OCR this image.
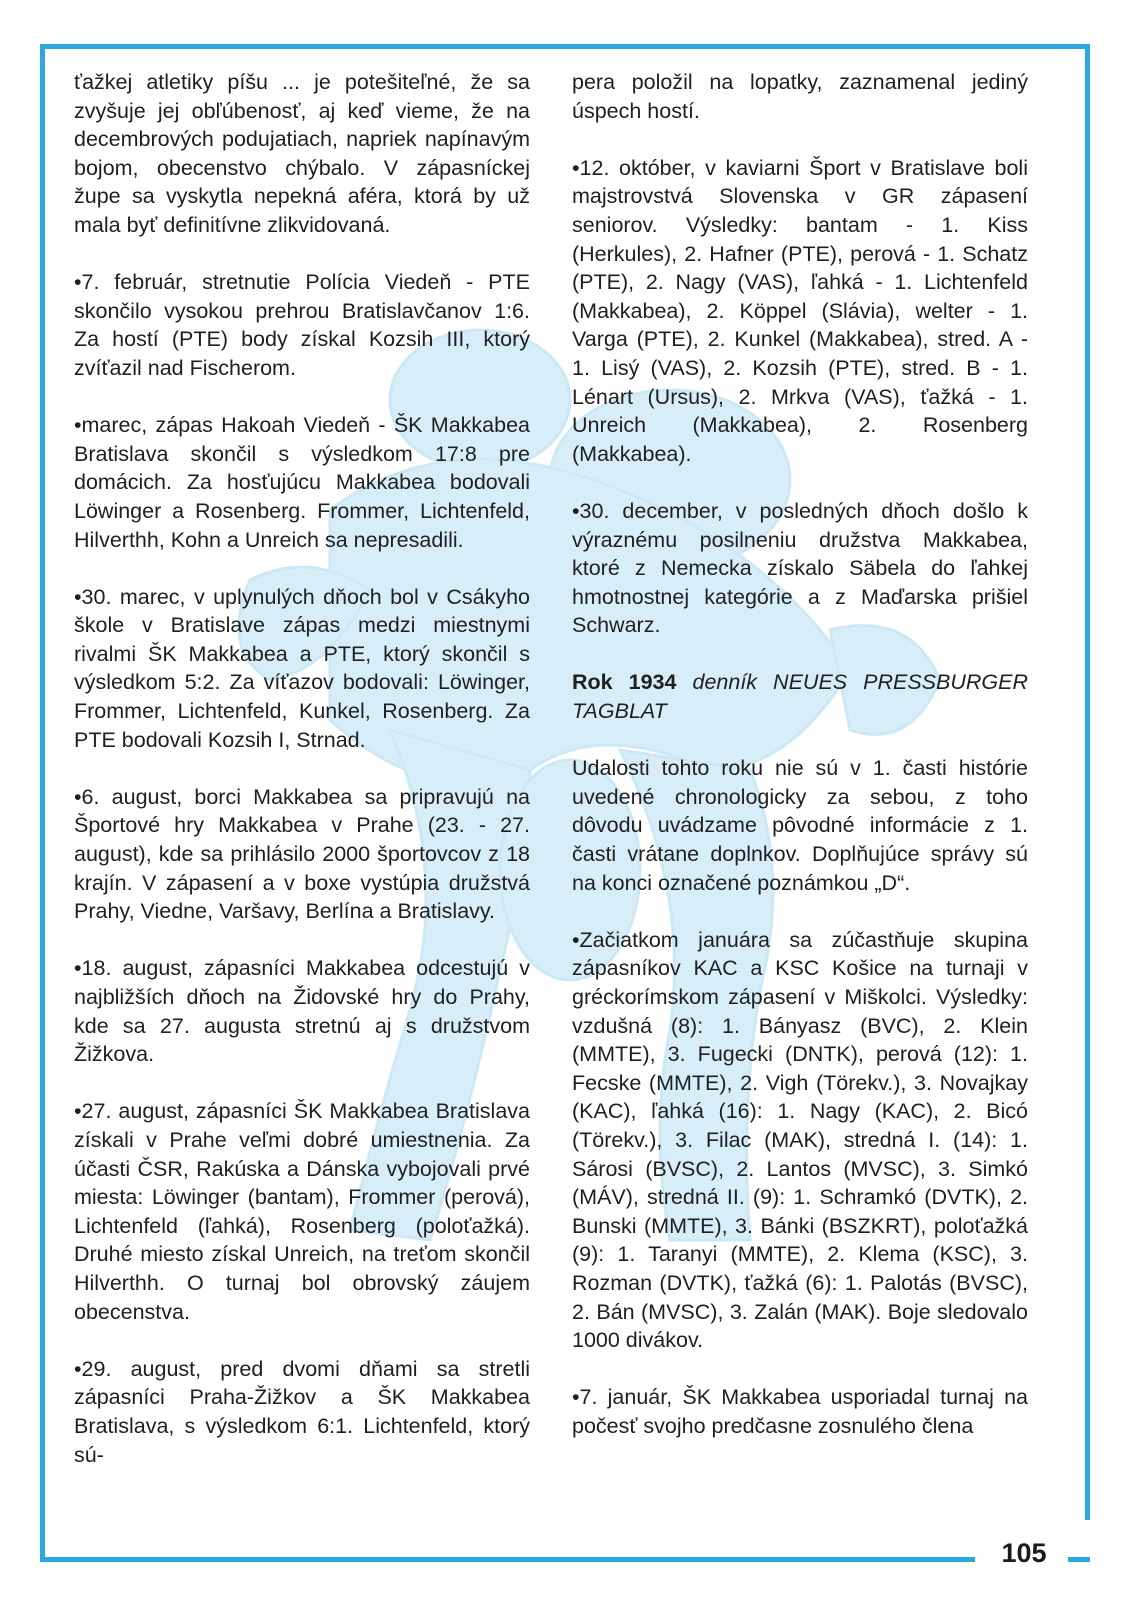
ťažkej atletiky píšu ... je potešiteľné, že sa zvyšuje jej obľúbenosť, aj keď vieme, že na decembrových podujatiach, napriek napínavým bojom, obecenstvo chýbalo. V zápasníckej župe sa vyskytla nepekná aféra, ktorá by už mala byť definitívne zlikvidovaná.

•7. február, stretnutie Polícia Viedeň - PTE skončilo vysokou prehrou Bratislavčanov 1:6. Za hostí (PTE) body získal Kozsih III, ktorý zvíťazil nad Fischerom.

•marec, zápas Hakoah Viedeň - ŠK Makkabea Bratislava skončil s výsledkom 17:8 pre domácich. Za hosťujúcu Makkabea bodovali Löwinger a Rosenberg. Frommer, Lichtenfeld, Hilverthh, Kohn a Unreich sa nepresadili.

•30. marec, v uplynulých dňoch bol v Csákyho škole v Bratislave zápas medzi miestnymi rivalmi ŠK Makkabea a PTE, ktorý skončil s výsledkom 5:2. Za víťazov bodovali: Löwinger, Frommer, Lichtenfeld, Kunkel, Rosenberg. Za PTE bodovali Kozsih I, Strnad.

•6. august, borci Makkabea sa pripravujú na Športové hry Makkabea v Prahe (23. - 27. august), kde sa prihlásilo 2000 športovcov z 18 krajín. V zápasení a v boxe vystúpia družstvá Prahy, Viedne, Varšavy, Berlína a Bratislavy.

•18. august, zápasníci Makkabea odcestujú v najbližších dňoch na Židovské hry do Prahy, kde sa 27. augusta stretnú aj s družstvom Žižkova.

•27. august, zápasníci ŠK Makkabea Bratislava získali v Prahe veľmi dobré umiestnenia. Za účasti ČSR, Rakúska a Dánska vybojovali prvé miesta: Löwinger (bantam), Frommer (perová), Lichtenfeld (ľahká), Rosenberg (poloťažká). Druhé miesto získal Unreich, na treťom skončil Hilverthh. O turnaj bol obrovský záujem obecenstva.

•29. august, pred dvomi dňami sa stretli zápasníci Praha-Žižkov a ŠK Makkabea Bratislava, s výsledkom 6:1. Lichtenfeld, ktorý sú-

pera položil na lopatky, zaznamenal jediný úspech hostí.

•12. október, v kaviarni Šport v Bratislave boli majstrovstvá Slovenska v GR zápasení seniorov. Výsledky: bantam - 1. Kiss (Herkules), 2. Hafner (PTE), perová - 1. Schatz (PTE), 2. Nagy (VAS), ľahká - 1. Lichtenfeld (Makkabea), 2. Köppel (Slávia), welter - 1. Varga (PTE), 2. Kunkel (Makkabea), stred. A - 1. Lisý (VAS), 2. Kozsih (PTE), stred. B - 1. Lénart (Ursus), 2. Mrkva (VAS), ťažká - 1. Unreich (Makkabea), 2. Rosenberg (Makkabea).

•30. december, v posledných dňoch došlo k výraznému posilneniu družstva Makkabea, ktoré z Nemecka získalo Säbela do ľahkej hmotnostnej kategórie a z Maďarska prišiel Schwarz.

Rok 1934 denník NEUES PRESSBURGER TAGBLAT

Udalosti tohto roku nie sú v 1. časti histórie uvedené chronologicky za sebou, z toho dôvodu uvádzame pôvodné informácie z 1. časti vrátane doplnkov. Doplňujúce správy sú na konci označené poznámkou „D“.

•Začiatkom januára sa zúčastňuje skupina zápasníkov KAC a KSC Košice na turnaji v gréckorímskom zápasení v Miškolci. Výsledky: vzdušná (8): 1. Bányasz (BVC), 2. Klein (MMTE), 3. Fugecki (DNTK), perová (12): 1. Fecske (MMTE), 2. Vigh (Törekv.), 3. Novajkay (KAC), ľahká (16): 1. Nagy (KAC), 2. Bicó (Törekv.), 3. Filac (MAK), stredná I. (14): 1. Sárosi (BVSC), 2. Lantos (MVSC), 3. Simkó (MÁV), stredná II. (9): 1. Schramkó (DVTK), 2. Bunski (MMTE), 3. Bánki (BSZKRT), poloťažká (9): 1. Taranyi (MMTE), 2. Klema (KSC), 3. Rozman (DVTK), ťažká (6): 1. Palotás (BVSC), 2. Bán (MVSC), 3. Zalán (MAK). Boje sledovalo 1000 divákov.

•7. január, ŠK Makkabea usporiadal turnaj na počesť svojho predčasne zosnulého člena

105
